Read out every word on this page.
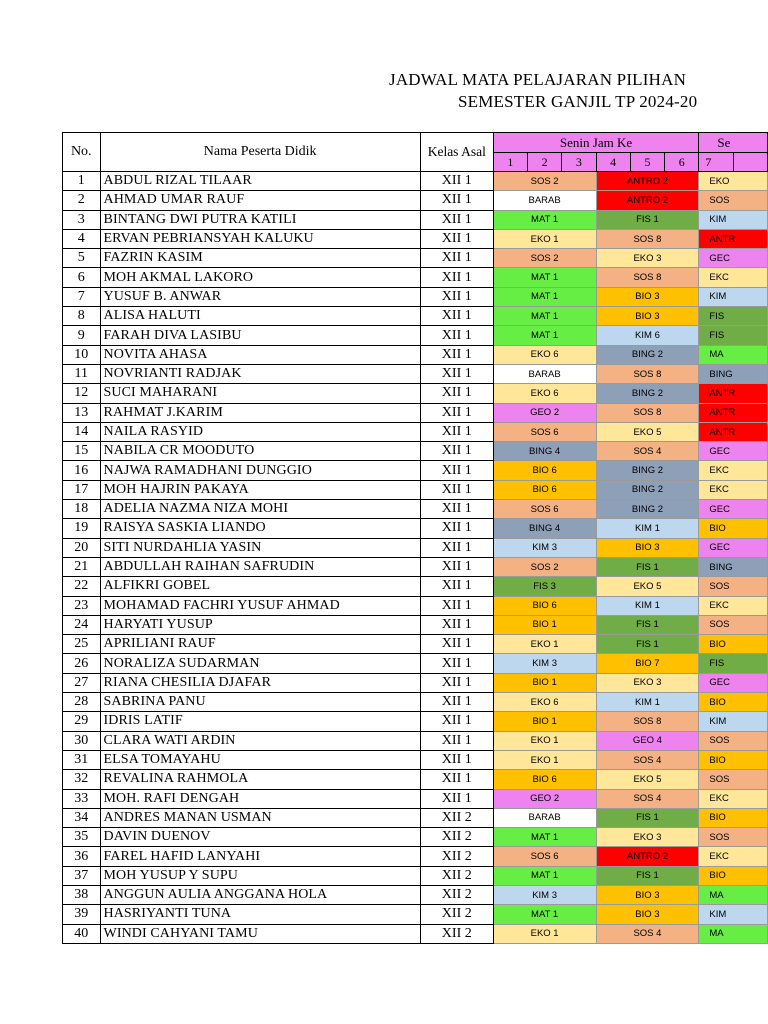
JADWAL MATA PELAJARAN PILIHAN
SEMESTER GANJIL TP 2024-20
No.	Nama Peserta Didik	Kelas Asal	Senin Jam Ke						Se	
			1	2	3	4	5	6	7	
1	ABDUL RIZAL TILAAR	XII 1	SOS 2			ANTRO 2			EKO	
2	AHMAD UMAR RAUF	XII 1	BARAB			ANTRO 2			SOS	
3	BINTANG DWI PUTRA KATILI	XII 1	MAT 1			FIS 1			KIM	
4	ERVAN PEBRIANSYAH KALUKU	XII 1	EKO 1			SOS 8			ANTR	
5	FAZRIN KASIM	XII 1	SOS 2			EKO 3			GEC	
6	MOH AKMAL LAKORO	XII 1	MAT 1			SOS 8			EKC	
7	YUSUF B. ANWAR	XII 1	MAT 1			BIO 3			KIM	
8	ALISA HALUTI	XII 1	MAT 1			BIO 3			FIS	
9	FARAH DIVA LASIBU	XII 1	MAT 1			KIM 6			FIS	
10	NOVITA AHASA	XII 1	EKO 6			BING 2			MA	
11	NOVRIANTI RADJAK	XII 1	BARAB			SOS 8			BING	
12	SUCI MAHARANI	XII 1	EKO 6			BING 2			ANTR	
13	RAHMAT J.KARIM	XII 1	GEO 2			SOS 8			ANTR	
14	NAILA RASYID	XII 1	SOS 6			EKO 5			ANTR	
15	NABILA CR MOODUTO	XII 1	BING 4			SOS 4			GEC	
16	NAJWA RAMADHANI DUNGGIO	XII 1	BIO 6			BING 2			EKC	
17	MOH HAJRIN PAKAYA	XII 1	BIO 6			BING 2			EKC	
18	ADELIA NAZMA NIZA MOHI	XII 1	SOS 6			BING 2			GEC	
19	RAISYA SASKIA LIANDO	XII 1	BING 4			KIM 1			BIO	
20	SITI NURDAHLIA YASIN	XII 1	KIM 3			BIO 3			GEC	
21	ABDULLAH RAIHAN SAFRUDIN	XII 1	SOS 2			FIS 1			BING	
22	ALFIKRI GOBEL	XII 1	FIS 3			EKO 5			SOS	
23	MOHAMAD FACHRI YUSUF AHMAD	XII 1	BIO 6			KIM 1			EKC	
24	HARYATI YUSUP	XII 1	BIO 1			FIS 1			SOS	
25	APRILIANI RAUF	XII 1	EKO 1			FIS 1			BIO	
26	NORALIZA SUDARMAN	XII 1	KIM 3			BIO 7			FIS	
27	RIANA CHESILIA DJAFAR	XII 1	BIO 1			EKO 3			GEC	
28	SABRINA PANU	XII 1	EKO 6			KIM 1			BIO	
29	IDRIS LATIF	XII 1	BIO 1			SOS 8			KIM	
30	CLARA WATI ARDIN	XII 1	EKO 1			GEO 4			SOS	
31	ELSA TOMAYAHU	XII 1	EKO 1			SOS 4			BIO	
32	REVALINA RAHMOLA	XII 1	BIO 6			EKO 5			SOS	
33	MOH. RAFI DENGAH	XII 1	GEO 2			SOS 4			EKC	
34	ANDRES MANAN USMAN	XII 2	BARAB			FIS 1			BIO	
35	DAVIN DUENOV	XII 2	MAT 1			EKO 3			SOS	
36	FAREL HAFID LANYAHI	XII 2	SOS 6			ANTRO 2			EKC	
37	MOH YUSUP Y SUPU	XII 2	MAT 1			FIS 1			BIO	
38	ANGGUN AULIA ANGGANA HOLA	XII 2	KIM 3			BIO 3			MA	
39	HASRIYANTI TUNA	XII 2	MAT 1			BIO 3			KIM	
40	WINDI CAHYANI TAMU	XII 2	EKO 1			SOS 4			MA	
